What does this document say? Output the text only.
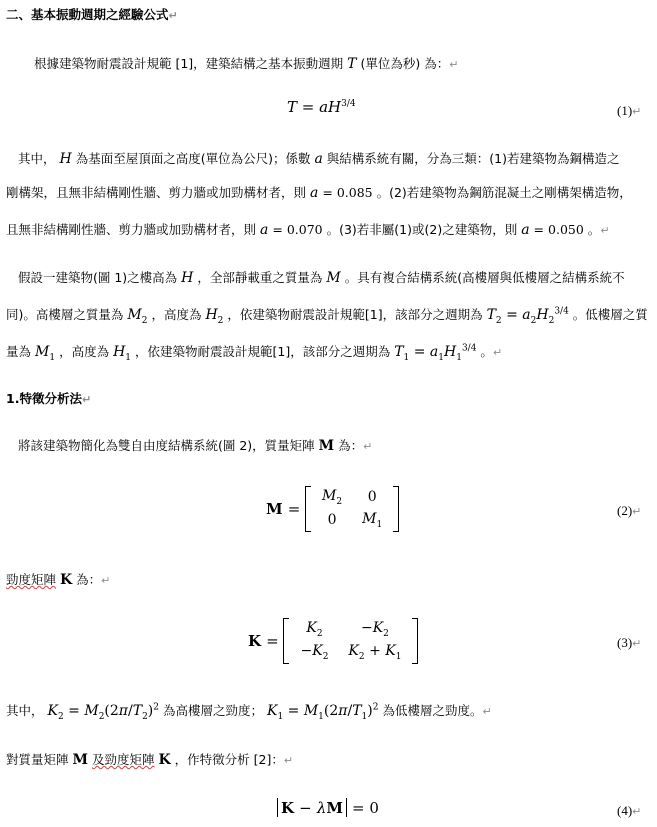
二、基本振動週期之經驗公式↵
根據建築物耐震設計規範 [1]，建築結構之基本振動週期 T (單位為秒) 為：↵
$T = aH^{3/4}$	(1)↵
其中， H 為基面至屋頂面之高度(單位為公尺)；係數 a 與結構系統有關，分為三類：(1)若建築物為鋼構造之
剛構架，且無非結構剛性牆、剪力牆或加勁構材者，則 a = 0.085 。(2)若建築物為鋼筋混凝土之剛構架構造物，
且無非結構剛性牆、剪力牆或加勁構材者，則 a = 0.070 。(3)若非屬(1)或(2)之建築物，則 a = 0.050 。↵
假設一建築物(圖 1)之樓高為 H ，全部靜載重之質量為 M 。具有複合結構系統(高樓層與低樓層之結構系統不
同)。高樓層之質量為 $M_2$ ，高度為 $H_2$ ，依建築物耐震設計規範[1]，該部分之週期為 $T_2 = a_2H_2^{3/4}$ 。低樓層之質
量為 $M_1$ ，高度為 $H_1$ ，依建築物耐震設計規範[1]，該部分之週期為 $T_1 = a_1H_1^{3/4}$ 。↵
1.特徵分析法↵
將該建築物簡化為雙自由度結構系統(圖 2)，質量矩陣 M 為：↵
M =
$M_2$	0
0	$M_1$
(2)↵
勁度矩陣 K 為：↵
K =
$K_2$	$-K_2$
$-K_2$	$K_2 + K_1$
(3)↵
其中， $K_2 = M_2(2\pi/T_2)^2$ 為高樓層之勁度； $K_1 = M_1(2\pi/T_1)^2$ 為低樓層之勁度。↵
對質量矩陣 M 及勁度矩陣 K ，作特徵分析 [2]：↵
K − λM = 0	(4)↵
